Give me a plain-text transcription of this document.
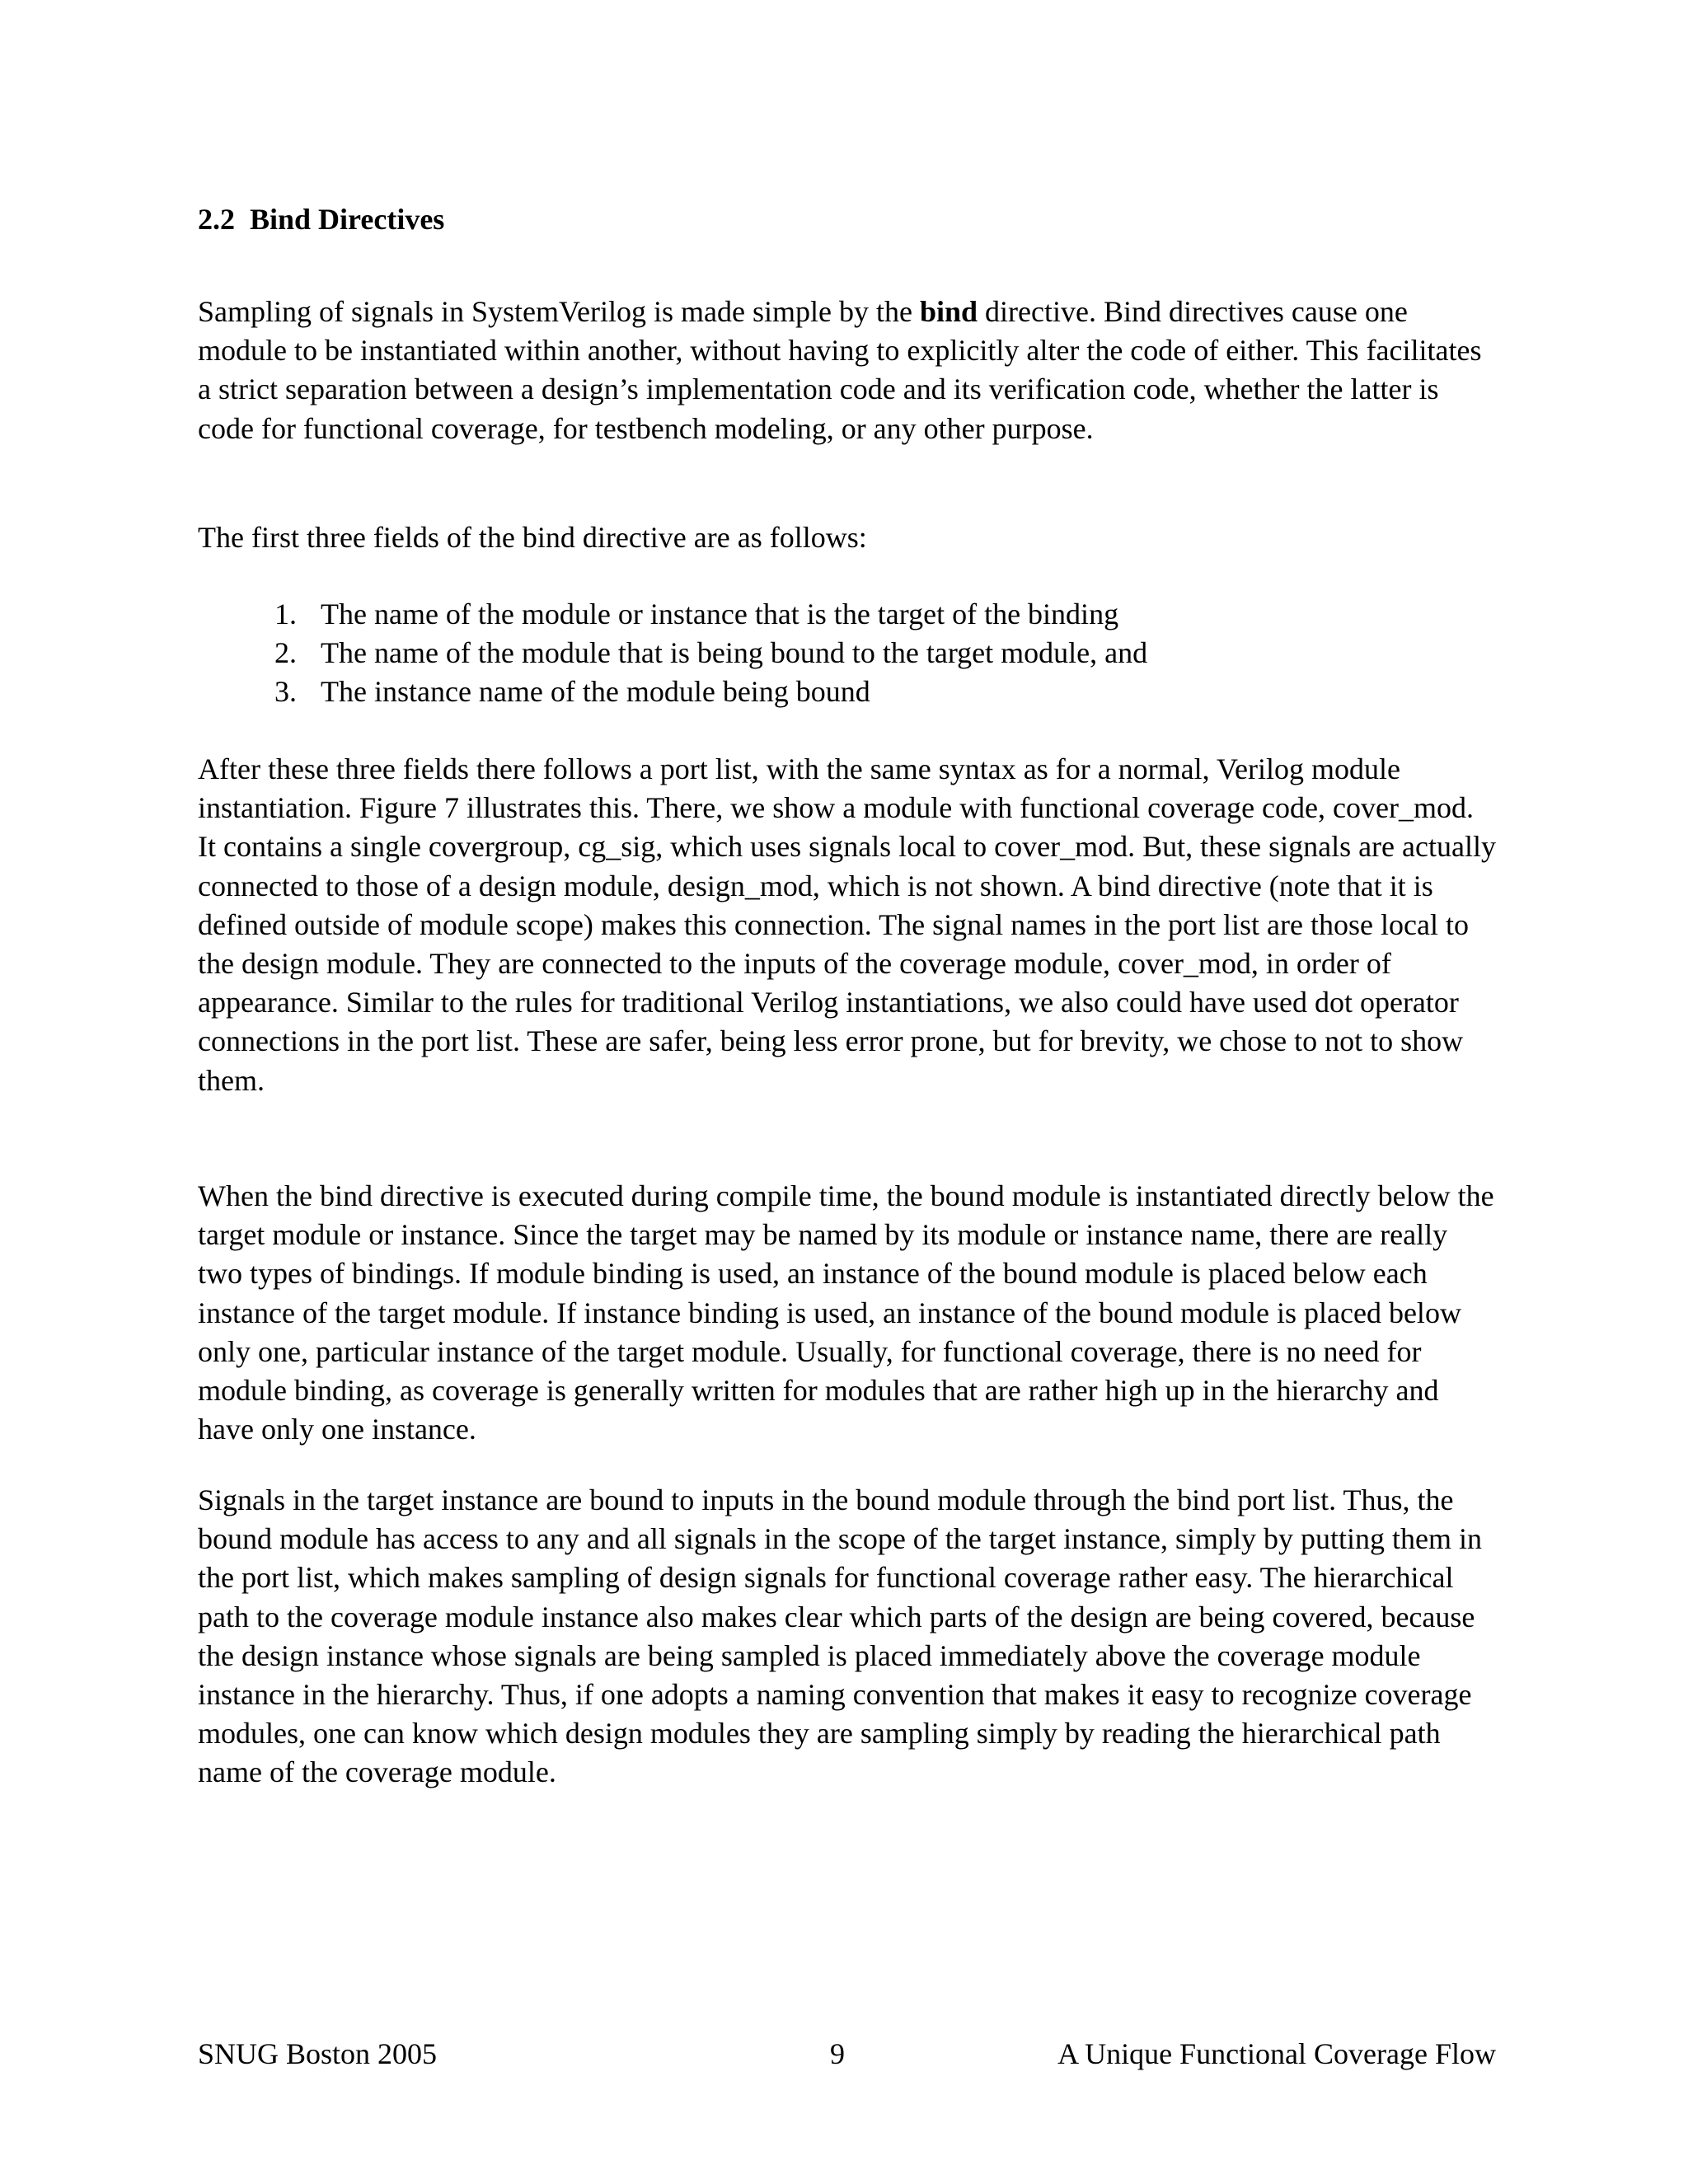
2.2 Bind Directives

Sampling of signals in SystemVerilog is made simple by the bind directive. Bind directives cause one module to be instantiated within another, without having to explicitly alter the code of either. This facilitates a strict separation between a design’s implementation code and its verification code, whether the latter is code for functional coverage, for testbench modeling, or any other purpose.

The first three fields of the bind directive are as follows:

1. The name of the module or instance that is the target of the binding
2. The name of the module that is being bound to the target module, and
3. The instance name of the module being bound

After these three fields there follows a port list, with the same syntax as for a normal, Verilog module instantiation. Figure 7 illustrates this. There, we show a module with functional coverage code, cover_mod. It contains a single covergroup, cg_sig, which uses signals local to cover_mod. But, these signals are actually connected to those of a design module, design_mod, which is not shown. A bind directive (note that it is defined outside of module scope) makes this connection. The signal names in the port list are those local to the design module. They are connected to the inputs of the coverage module, cover_mod, in order of appearance. Similar to the rules for traditional Verilog instantiations, we also could have used dot operator connections in the port list. These are safer, being less error prone, but for brevity, we chose to not to show them.

When the bind directive is executed during compile time, the bound module is instantiated directly below the target module or instance. Since the target may be named by its module or instance name, there are really two types of bindings. If module binding is used, an instance of the bound module is placed below each instance of the target module. If instance binding is used, an instance of the bound module is placed below only one, particular instance of the target module. Usually, for functional coverage, there is no need for module binding, as coverage is generally written for modules that are rather high up in the hierarchy and have only one instance.

Signals in the target instance are bound to inputs in the bound module through the bind port list. Thus, the bound module has access to any and all signals in the scope of the target instance, simply by putting them in the port list, which makes sampling of design signals for functional coverage rather easy. The hierarchical path to the coverage module instance also makes clear which parts of the design are being covered, because the design instance whose signals are being sampled is placed immediately above the coverage module instance in the hierarchy. Thus, if one adopts a naming convention that makes it easy to recognize coverage modules, one can know which design modules they are sampling simply by reading the hierarchical path name of the coverage module.

SNUG Boston 2005	9	A Unique Functional Coverage Flow
